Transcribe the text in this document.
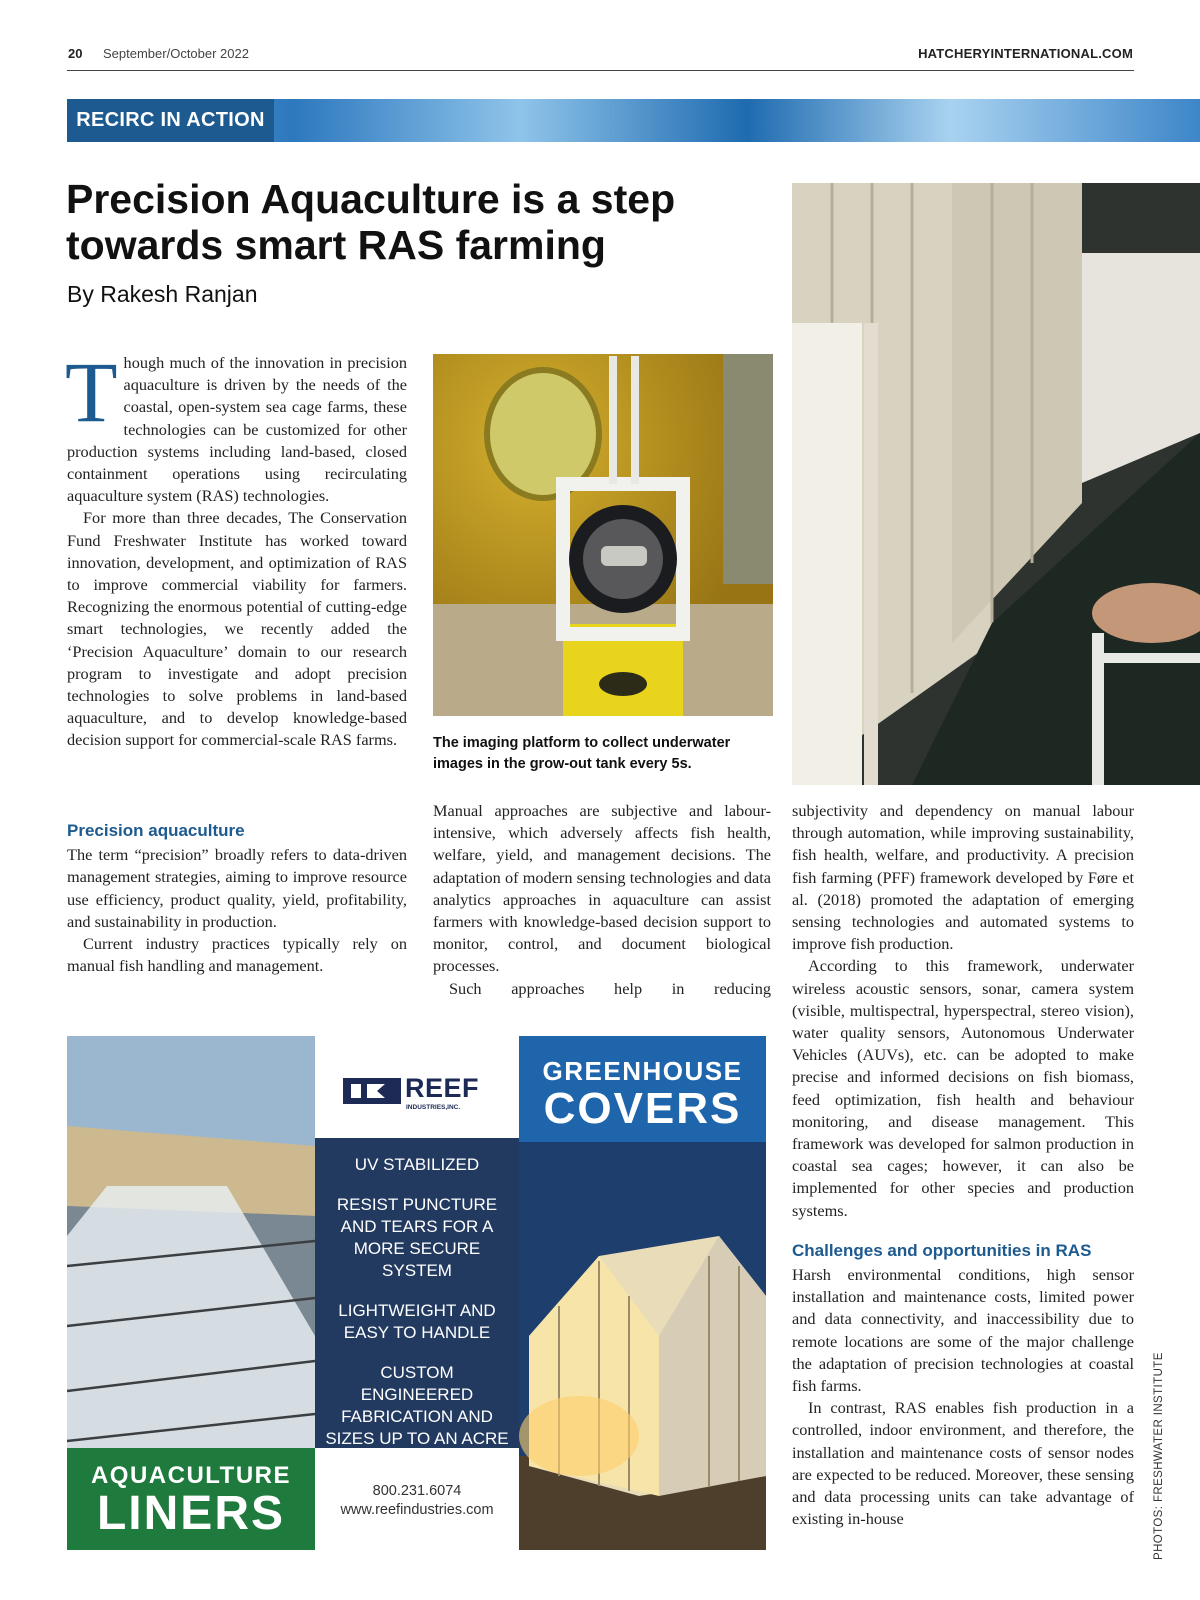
20 September/October 2022	HATCHERYINTERNATIONAL.COM
RECIRC IN ACTION
Precision Aquaculture is a step towards smart RAS farming
By Rakesh Ranjan

Though much of the innovation in precision aquaculture is driven by the needs of the coastal, open-system sea cage farms, these technologies can be customized for other production systems including land-based, closed containment operations using recirculating aquaculture system (RAS) technologies.

For more than three decades, The Conservation Fund Freshwater Institute has worked toward innovation, development, and optimization of RAS to improve commercial viability for farmers. Recognizing the enormous potential of cutting-edge smart technologies, we recently added the ‘Precision Aquaculture’ domain to our research program to investigate and adopt precision technologies to solve problems in land-based aquaculture, and to develop knowledge-based decision support for commercial-scale RAS farms.

Precision aquaculture

The term “precision” broadly refers to data-driven management strategies, aiming to improve resource use efficiency, product quality, yield, profitability, and sustainability in production.

Current industry practices typically rely on manual fish handling and management.

The imaging platform to collect underwater images in the grow-out tank every 5s.

Manual approaches are subjective and labour-intensive, which adversely affects fish health, welfare, yield, and management decisions. The adaptation of modern sensing technologies and data analytics approaches in aquaculture can assist farmers with knowledge-based decision support to monitor, control, and document biological processes.

Such approaches help in reducing

subjectivity and dependency on manual labour through automation, while improving sustainability, fish health, welfare, and productivity. A precision fish farming (PFF) framework developed by Føre et al. (2018) promoted the adaptation of emerging sensing technologies and automated systems to improve fish production.

According to this framework, underwater wireless acoustic sensors, sonar, camera system (visible, multispectral, hyperspectral, stereo vision), water quality sensors, Autonomous Underwater Vehicles (AUVs), etc. can be adopted to make precise and informed decisions on fish biomass, feed optimization, fish health and behaviour monitoring, and disease management. This framework was developed for salmon production in coastal sea cages; however, it can also be implemented for other species and production systems.

Challenges and opportunities in RAS

Harsh environmental conditions, high sensor installation and maintenance costs, limited power and data connectivity, and inaccessibility due to remote locations are some of the major challenge the adaptation of precision technologies at coastal fish farms.

In contrast, RAS enables fish production in a controlled, indoor environment, and therefore, the installation and maintenance costs of sensor nodes are expected to be reduced. Moreover, these sensing and data processing units can take advantage of existing in-house	PHOTOS: FRESHWATER INSTITUTE
AQUACULTURE
LINERS
REEF
INDUSTRIES,INC.
UV STABILIZED
RESIST PUNCTURE AND TEARS FOR A MORE SECURE SYSTEM
LIGHTWEIGHT AND EASY TO HANDLE
CUSTOM ENGINEERED FABRICATION AND SIZES UP TO AN ACRE
800.231.6074
www.reefindustries.com
GREENHOUSE
COVERS
